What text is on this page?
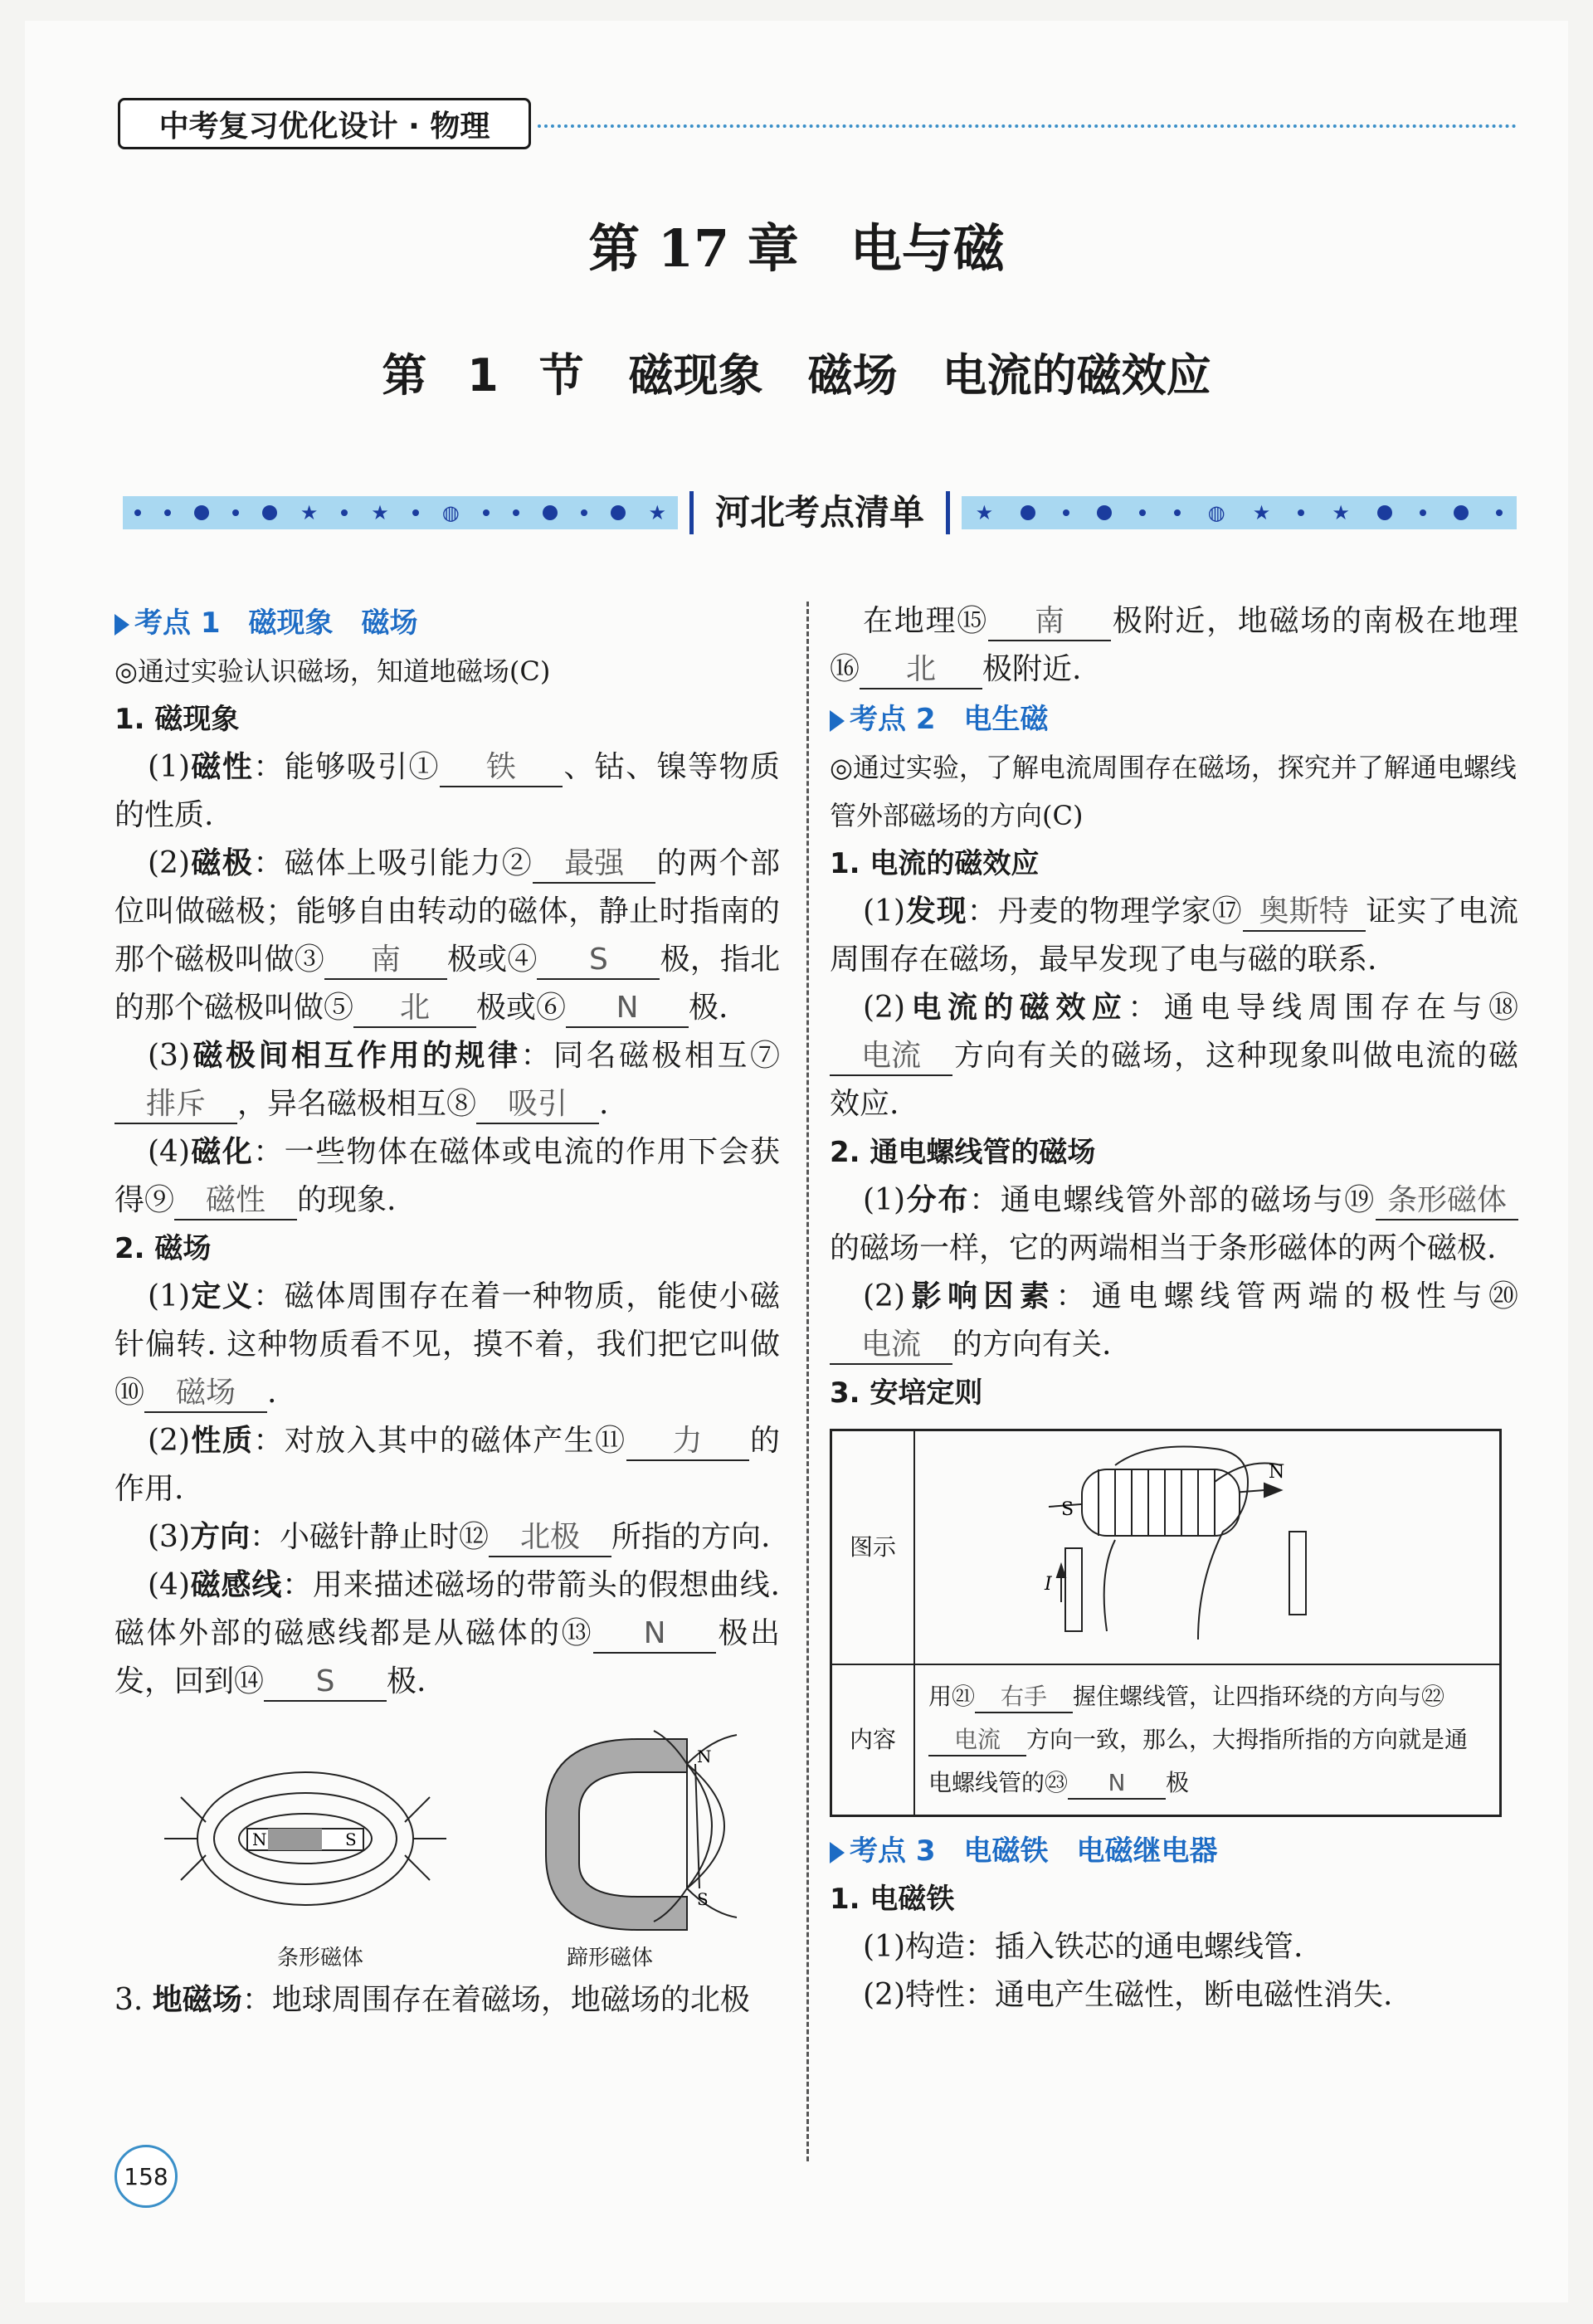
中考复习优化设计 · 物理
第 17 章　电与磁
第 1 节　磁现象　磁场　电流的磁效应
★	★	◍	★	河北考点清单	★	◍ ★	★
考点 1　 磁现象　磁场
◎通过实验认识磁场，知道地磁场(C)
1. 磁现象
(1)磁性：能够吸引① 铁 、钴、镍等物质的性质.
(2)磁极：磁体上吸引能力② 最强 的两个部位叫做磁极；能够自由转动的磁体，静止时指南的那个磁极叫做③ 南 极或④ S 极，指北的那个磁极叫做⑤ 北 极或⑥ N 极.
(3)磁极间相互作用的规律：同名磁极相互⑦排斥 ，异名磁极相互⑧ 吸引 .
(4)磁化：一些物体在磁体或电流的作用下会获得⑨ 磁性 的现象.
2. 磁场
(1)定义：磁体周围存在着一种物质，能使小磁针偏转. 这种物质看不见，摸不着，我们把它叫做⑩ 磁场 .
(2)性质：对放入其中的磁体产生⑪ 力 的作用.
(3)方向：小磁针静止时⑫ 北极 所指的方向.
(4)磁感线：用来描述磁场的带箭头的假想曲线. 磁体外部的磁感线都是从磁体的⑬ N 极出发，回到⑭ S 极.
N	S
N
S
条形磁体	蹄形磁体
3. 地磁场：地球周围存在着磁场，地磁场的北极
在地理⑮ 南 极附近，地磁场的南极在地理⑯ 北 极附近.
考点 2　 电生磁
◎通过实验，了解电流周围存在磁场，探究并了解通电螺线管外部磁场的方向(C)
1. 电流的磁效应
(1)发现：丹麦的物理学家⑰ 奥斯特 证实了电流周围存在磁场，最早发现了电与磁的联系.
(2)电流的磁效应：通电导线周围存在与⑱电流 方向有关的磁场，这种现象叫做电流的磁效应.
2. 通电螺线管的磁场
(1)分布：通电螺线管外部的磁场与⑲ 条形磁体的磁场一样，它的两端相当于条形磁体的两个磁极.
(2)影响因素：通电螺线管两端的极性与⑳电流 的方向有关.
3. 安培定则
图示	S
N
I

内容	用㉑ 右手 握住螺线管，让四指环绕的方向与㉒电流 方向一致，那么，大拇指所指的方向就是通电螺线管的㉓ N 极
考点 3　 电磁铁　电磁继电器
1. 电磁铁
(1)构造：插入铁芯的通电螺线管.
(2)特性：通电产生磁性，断电磁性消失.
158
